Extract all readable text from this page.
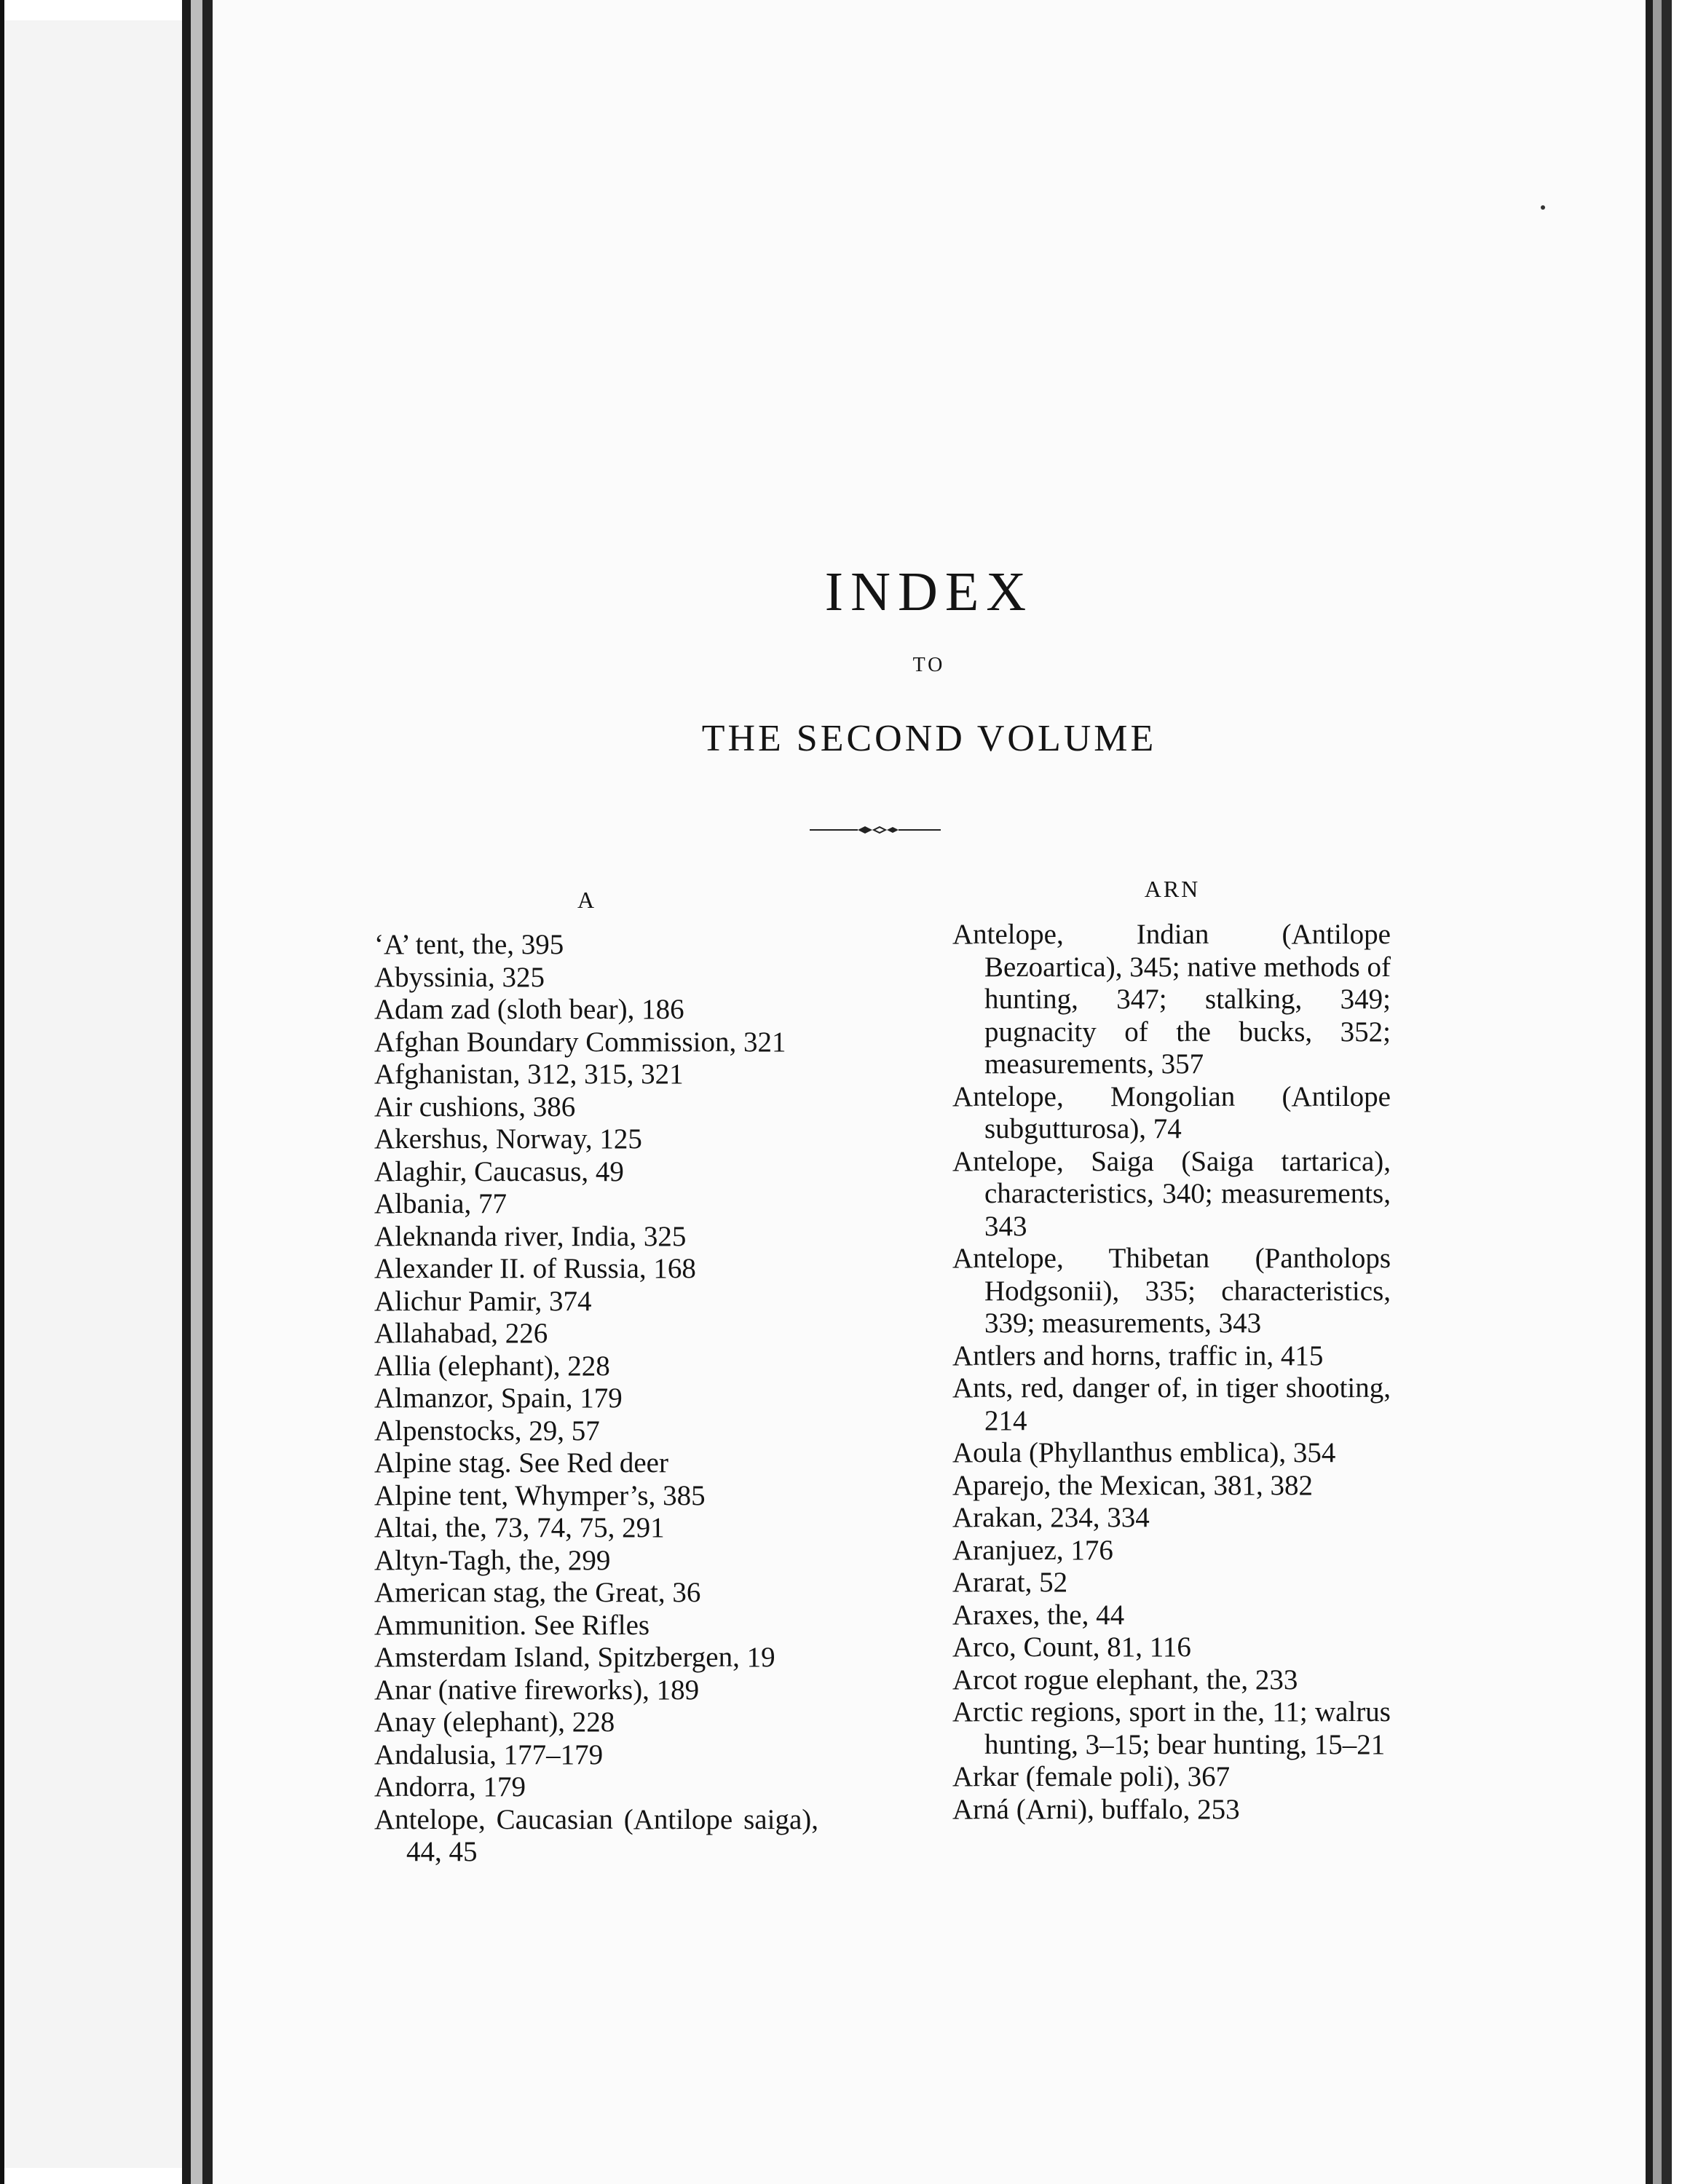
INDEX
TO
THE SECOND VOLUME
A	ARN

‘A’ tent, the, 395

Abyssinia, 325

Adam zad (sloth bear), 186

Afghan Boundary Commission, 321

Afghanistan, 312, 315, 321

Air cushions, 386

Akershus, Norway, 125

Alaghir, Caucasus, 49

Albania, 77

Aleknanda river, India, 325

Alexander II. of Russia, 168

Alichur Pamir, 374

Allahabad, 226

Allia (elephant), 228

Almanzor, Spain, 179

Alpenstocks, 29, 57

Alpine stag. See Red deer

Alpine tent, Whymper’s, 385

Altai, the, 73, 74, 75, 291

Altyn-Tagh, the, 299

American stag, the Great, 36

Ammunition. See Rifles

Amsterdam Island, Spitzbergen, 19

Anar (native fireworks), 189

Anay (elephant), 228

Andalusia, 177–179

Andorra, 179

Antelope, Caucasian (Antilope saiga), 44, 45

Antelope, Indian (Antilope Bezoartica), 345; native methods of hunting, 347; stalking, 349; pugnacity of the bucks, 352; measurements, 357

Antelope, Mongolian (Antilope subgutturosa), 74

Antelope, Saiga (Saiga tartarica), characteristics, 340; measurements, 343

Antelope, Thibetan (Pantholops Hodgsonii), 335; characteristics, 339; measurements, 343

Antlers and horns, traffic in, 415

Ants, red, danger of, in tiger shooting, 214

Aoula (Phyllanthus emblica), 354

Aparejo, the Mexican, 381, 382

Arakan, 234, 334

Aranjuez, 176

Ararat, 52

Araxes, the, 44

Arco, Count, 81, 116

Arcot rogue elephant, the, 233

Arctic regions, sport in the, 11; walrus hunting, 3–15; bear hunting, 15–21

Arkar (female poli), 367

Arná (Arni), buffalo, 253
